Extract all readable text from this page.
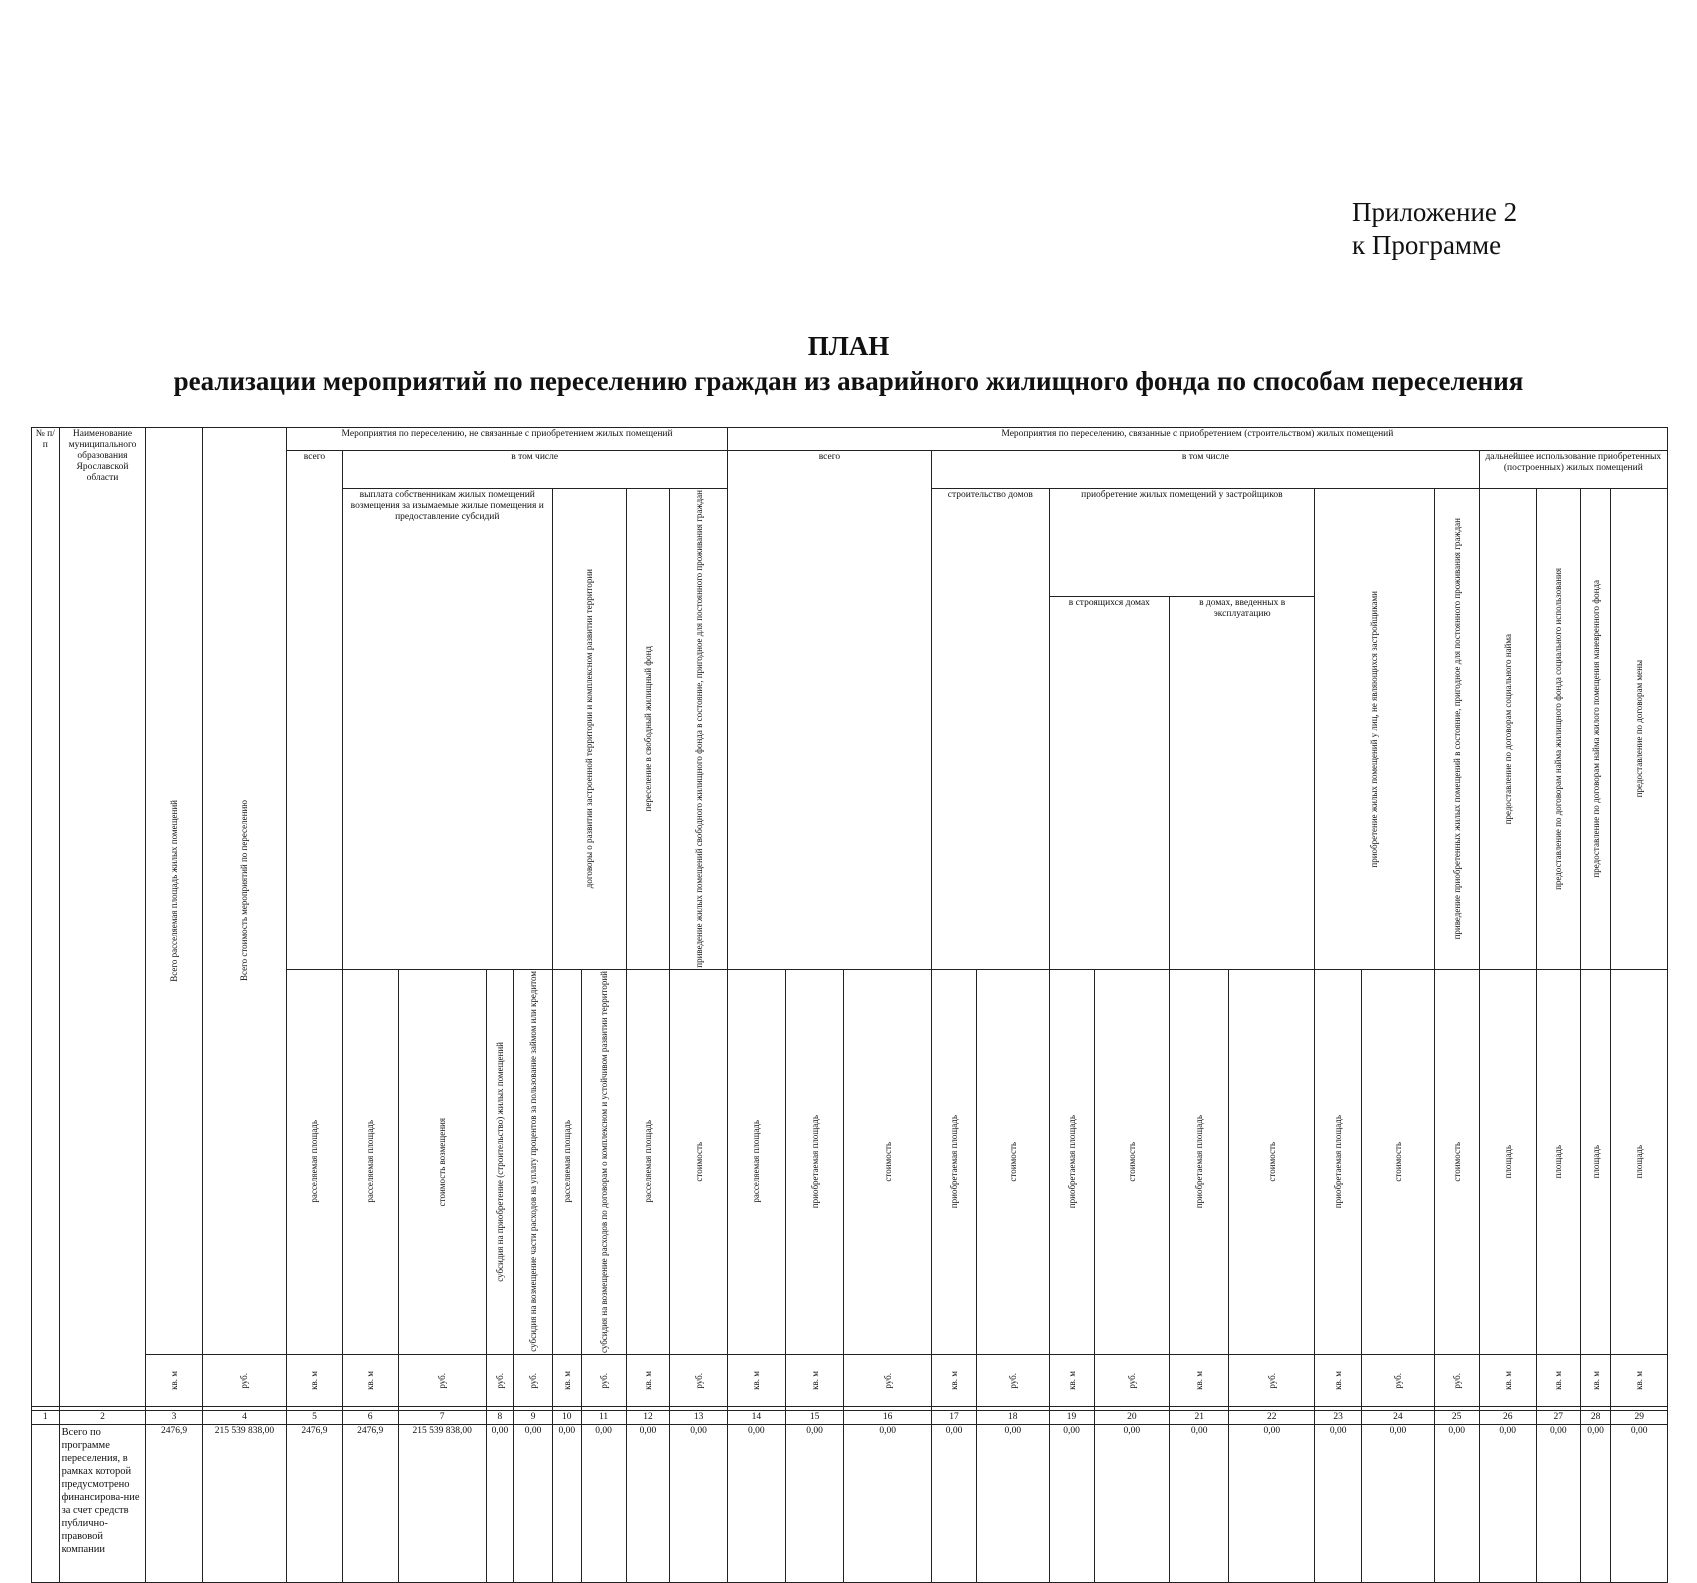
Приложение 2
к Программе
ПЛАН
реализации мероприятий по переселению граждан из аварийного жилищного фонда по способам переселения
№ п/п	Наименование муниципального образования Ярославской области	Всего расселяемая площадь жилых помещений	Всего стоимость мероприятий по переселению	Мероприятия по переселению, не связанные с приобретением жилых помещений									Мероприятия по переселению, связанные с приобретением (строительством) жилых помещений															
				всего	в том числе								всего			в том числе									дальнейшее использование приобретенных (построенных) жилых помещений			
					выплата собственникам жилых помещений возмещения за изымаемые жилые помещения и предоставление субсидий				договоры о развитии застроенной территории и комплексном развитии территории		переселение в свободный жилищный фонд	приведение жилых помещений свободного жилищного фонда в состояние, пригодное для постоянного проживания граждан				строительство домов		приобретение жилых помещений у застройщиков				приобретение жилых помещений у лиц, не являющихся застройщиками		приведение приобретенных жилых помещений в состояние, пригодное для постоянного проживания граждан	предоставление по договорам социального найма	предоставление по договорам найма жилищного фонда социального использования	предоставление по договорам найма жилого помещения маневренного фонда	предоставление по договорам мены

																		в строящихся домах		в домах, введенных в эксплуатацию								

				расселяемая площадь	расселяемая площадь	стоимость возмещения	субсидия на приобретение (строительство) жилых помещений	субсидия на возмещение части расходов на уплату процентов за пользование займом или кредитом	расселяемая площадь	субсидия на возмещение расходов по договорам о комплексном и устойчивом развитии территорий	расселяемая площадь	стоимость	расселяемая площадь	приобретаемая площадь	стоимость	приобретаемая площадь	стоимость	приобретаемая площадь	стоимость	приобретаемая площадь	стоимость	приобретаемая площадь	стоимость	стоимость	площадь	площадь	площадь	площадь

		кв. м	руб.	кв. м	кв. м	руб.	руб.	руб.	кв. м	руб.	кв. м	руб.	кв. м	кв. м	руб.	кв. м	руб.	кв. м	руб.	кв. м	руб.	кв. м	руб.	руб.	кв. м	кв. м	кв. м	кв. м

1	2	3	4	5	6	7	8	9	10	11	12	13	14	15	16	17	18	19	20	21	22	23	24	25	26	27	28	29
	Всего по программе переселения, в рамках которой предусмотрено финансирова-ние за счет средств публично-правовой компании	2476,9	215 539 838,00	2476,9	2476,9	215 539 838,00	0,00	0,00	0,00	0,00	0,00	0,00	0,00	0,00	0,00	0,00	0,00	0,00	0,00	0,00	0,00	0,00	0,00	0,00	0,00	0,00	0,00	0,00
